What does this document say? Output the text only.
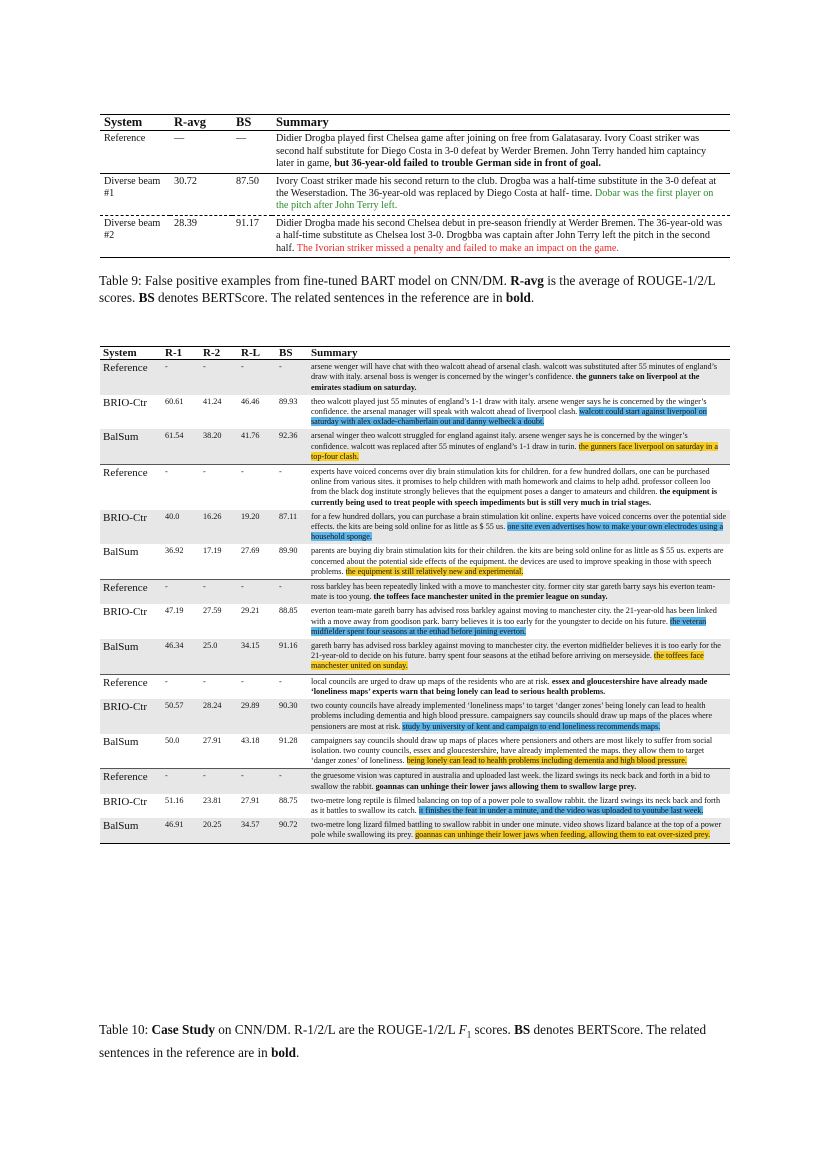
System	R-avg	BS	Summary
Reference	—	—	Didier Drogba played first Chelsea game after joining on free from Galatasaray. Ivory Coast striker was second half substitute for Diego Costa in 3-0 defeat by Werder Bremen. John Terry handed him captaincy later in game, but 36-year-old failed to trouble German side in front of goal.
Diverse beam #1	30.72	87.50	Ivory Coast striker made his second return to the club. Drogba was a half-time substitute in the 3-0 defeat at the Weserstadion. The 36-year-old was replaced by Diego Costa at half- time. Dobar was the first player on the pitch after John Terry left.
Diverse beam #2	28.39	91.17	Didier Drogba made his second Chelsea debut in pre-season friendly at Werder Bremen. The 36-year-old was a half-time substitute as Chelsea lost 3-0. Drogbba was captain after John Terry left the pitch in the second half. The Ivorian striker missed a penalty and failed to make an impact on the game.
Table 9: False positive examples from fine-tuned BART model on CNN/DM. R-avg is the average of ROUGE-1/2/L scores. BS denotes BERTScore. The related sentences in the reference are in bold.
System	R-1	R-2	R-L	BS	Summary
Reference	-	-	-	-	arsene wenger will have chat with theo walcott ahead of arsenal clash. walcott was substituted after 55 minutes of england’s draw with italy. arsenal boss is wenger is concerned by the winger’s confidence. the gunners take on liverpool at the emirates stadium on saturday.
BRIO-Ctr	60.61	41.24	46.46	89.93	theo walcott played just 55 minutes of england’s 1-1 draw with italy. arsene wenger says he is concerned by the winger’s confidence. the arsenal manager will speak with walcott ahead of liverpool clash. walcott could start against liverpool on saturday with alex oxlade-chamberlain out and danny welbeck a doubt.
BalSum	61.54	38.20	41.76	92.36	arsenal winger theo walcott struggled for england against italy. arsene wenger says he is concerned by the winger’s confidence. walcott was replaced after 55 minutes of england’s 1-1 draw in turin. the gunners face liverpool on saturday in a top-four clash.
Reference	-	-	-	-	experts have voiced concerns over diy brain stimulation kits for children. for a few hundred dollars, one can be purchased online from various sites. it promises to help children with math homework and claims to help adhd. professor colleen loo from the black dog institute strongly believes that the equipment poses a danger to amateurs and children. the equipment is currently being used to treat people with speech impediments but is still very much in trial stages.
BRIO-Ctr	40.0	16.26	19.20	87.11	for a few hundred dollars, you can purchase a brain stimulation kit online. experts have voiced concerns over the potential side effects. the kits are being sold online for as little as $ 55 us. one site even advertises how to make your own electrodes using a household sponge.
BalSum	36.92	17.19	27.69	89.90	parents are buying diy brain stimulation kits for their children. the kits are being sold online for as little as $ 55 us. experts are concerned about the potential side effects of the equipment. the devices are used to improve speaking in those with speech problems. the equipment is still relatively new and experimental.
Reference	-	-	-	-	ross barkley has been repeatedly linked with a move to manchester city. former city star gareth barry says his everton team-mate is too young. the toffees face manchester united in the premier league on sunday.
BRIO-Ctr	47.19	27.59	29.21	88.85	everton team-mate gareth barry has advised ross barkley against moving to manchester city. the 21-year-old has been linked with a move away from goodison park. barry believes it is too early for the youngster to decide on his future. the veteran midfielder spent four seasons at the etihad before joining everton.
BalSum	46.34	25.0	34.15	91.16	gareth barry has advised ross barkley against moving to manchester city. the everton midfielder believes it is too early for the 21-year-old to decide on his future. barry spent four seasons at the etihad before arriving on merseyside. the toffees face manchester united on sunday.
Reference	-	-	-	-	local councils are urged to draw up maps of the residents who are at risk. essex and gloucestershire have already made ‘loneliness maps’ experts warn that being lonely can lead to serious health problems.
BRIO-Ctr	50.57	28.24	29.89	90.30	two county councils have already implemented ‘loneliness maps’ to target ‘danger zones’ being lonely can lead to health problems including dementia and high blood pressure. campaigners say councils should draw up maps of the places where pensioners are most at risk. study by university of kent and campaign to end loneliness recommends maps.
BalSum	50.0	27.91	43.18	91.28	campaigners say councils should draw up maps of places where pensioners and others are most likely to suffer from social isolation. two county councils, essex and gloucestershire, have already implemented the maps. they allow them to target ‘danger zones’ of loneliness. being lonely can lead to health problems including dementia and high blood pressure.
Reference	-	-	-	-	the gruesome vision was captured in australia and uploaded last week. the lizard swings its neck back and forth in a bid to swallow the rabbit. goannas can unhinge their lower jaws allowing them to swallow large prey.
BRIO-Ctr	51.16	23.81	27.91	88.75	two-metre long reptile is filmed balancing on top of a power pole to swallow rabbit. the lizard swings its neck back and forth as it battles to swallow its catch. it finishes the feat in under a minute, and the video was uploaded to youtube last week.
BalSum	46.91	20.25	34.57	90.72	two-metre long lizard filmed battling to swallow rabbit in under one minute. video shows lizard balance at the top of a power pole while swallowing its prey. goannas can unhinge their lower jaws when feeding, allowing them to eat over-sized prey.
Table 10: Case Study on CNN/DM. R-1/2/L are the ROUGE-1/2/L $F_1$ scores. BS denotes BERTScore. The related sentences in the reference are in bold.
